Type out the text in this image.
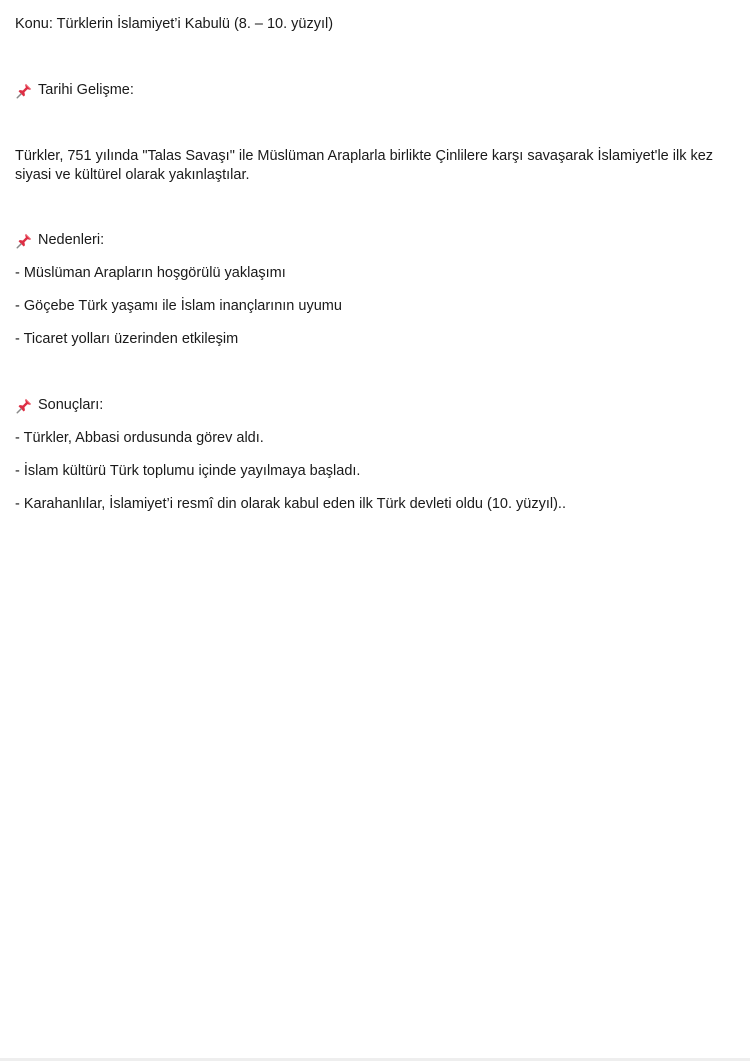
Konu: Türklerin İslamiyet’i Kabulü (8. – 10. yüzyıl)
Tarihi Gelişme:
Türkler, 751 yılında "Talas Savaşı" ile Müslüman Araplarla birlikte Çinlilere karşı savaşarak İslamiyet'le ilk kez siyasi ve kültürel olarak yakınlaştılar.
Nedenleri:
- Müslüman Arapların hoşgörülü yaklaşımı
- Göçebe Türk yaşamı ile İslam inançlarının uyumu
- Ticaret yolları üzerinden etkileşim
Sonuçları:
- Türkler, Abbasi ordusunda görev aldı.
- İslam kültürü Türk toplumu içinde yayılmaya başladı.
- Karahanlılar, İslamiyet’i resmî din olarak kabul eden ilk Türk devleti oldu (10. yüzyıl)..
